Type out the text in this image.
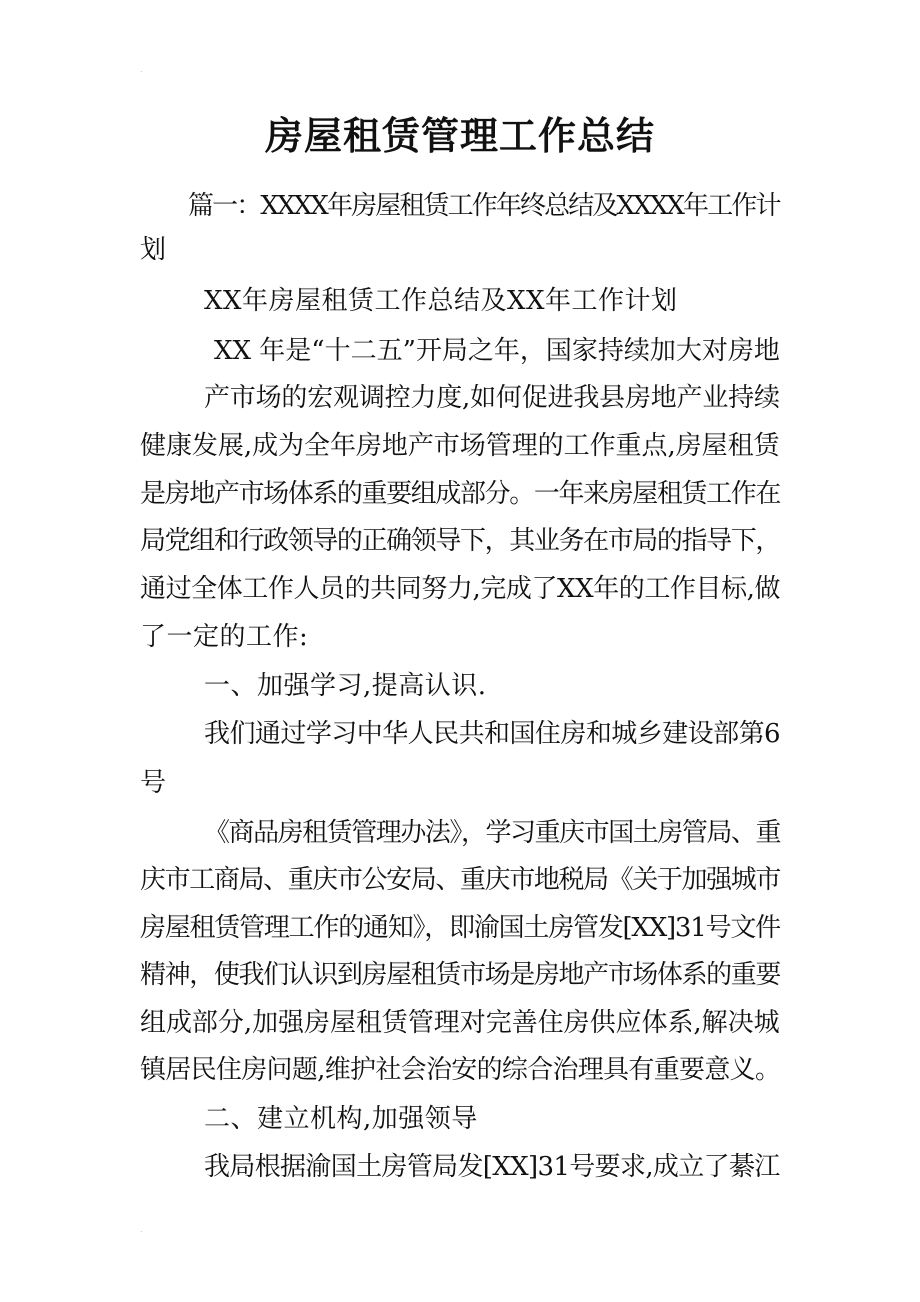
.
房屋租赁管理工作总结
篇一：XXXX年房屋租赁工作年终总结及XXXX年工作计
划
XX年房屋租赁工作总结及XX年工作计划
XX 年是“十二五”开局之年，国家持续加大对房地
产市场的宏观调控力度,如何促进我县房地产业持续
健康发展,成为全年房地产市场管理的工作重点,房屋租赁
是房地产市场体系的重要组成部分。一年来房屋租赁工作在
局党组和行政领导的正确领导下，其业务在市局的指导下，
通过全体工作人员的共同努力,完成了XX年的工作目标,做
了一定的工作:
一、加强学习,提高认识.
我们通过学习中华人民共和国住房和城乡建设部第6
号
《商品房租赁管理办法》，学习重庆市国土房管局、重
庆市工商局、重庆市公安局、重庆市地税局《关于加强城市
房屋租赁管理工作的通知》，即渝国土房管发[XX]31号文件
精神，使我们认识到房屋租赁市场是房地产市场体系的重要
组成部分,加强房屋租赁管理对完善住房供应体系,解决城
镇居民住房问题,维护社会治安的综合治理具有重要意义。
二、建立机构,加强领导
我局根据渝国土房管局发[XX]31号要求,成立了綦江
.
